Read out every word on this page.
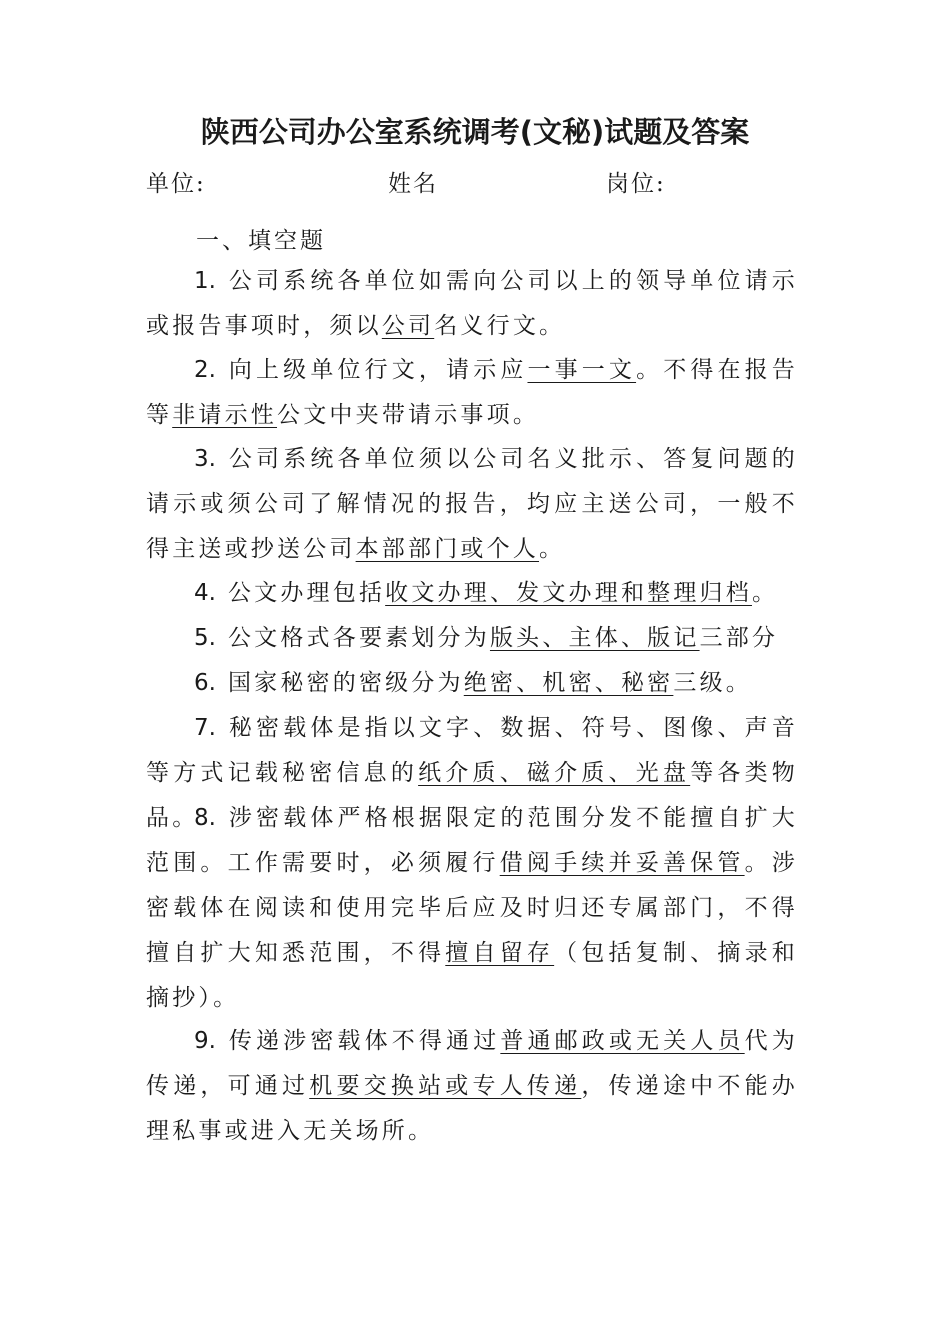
陕西公司办公室系统调考(文秘)试题及答案
单位:	姓名	岗位:
一、填空题

1. 公司系统各单位如需向公司以上的领导单位请示或报告事项时，须以公司名义行文。

2. 向上级单位行文，请示应一事一文。不得在报告等非请示性公文中夹带请示事项。

3. 公司系统各单位须以公司名义批示、答复问题的请示或须公司了解情况的报告，均应主送公司，一般不得主送或抄送公司本部部门或个人。

4. 公文办理包括收文办理、发文办理和整理归档。

5. 公文格式各要素划分为版头、主体、版记三部分

6. 国家秘密的密级分为绝密、机密、秘密三级。

7. 秘密载体是指以文字、数据、符号、图像、声音等方式记载秘密信息的纸介质、磁介质、光盘等各类物品。

8. 涉密载体严格根据限定的范围分发不能擅自扩大范围。工作需要时，必须履行借阅手续并妥善保管。涉密载体在阅读和使用完毕后应及时归还专属部门，不得擅自扩大知悉范围，不得擅自留存（包括复制、摘录和摘抄）。

9. 传递涉密载体不得通过普通邮政或无关人员代为传递，可通过机要交换站或专人传递，传递途中不能办理私事或进入无关场所。
